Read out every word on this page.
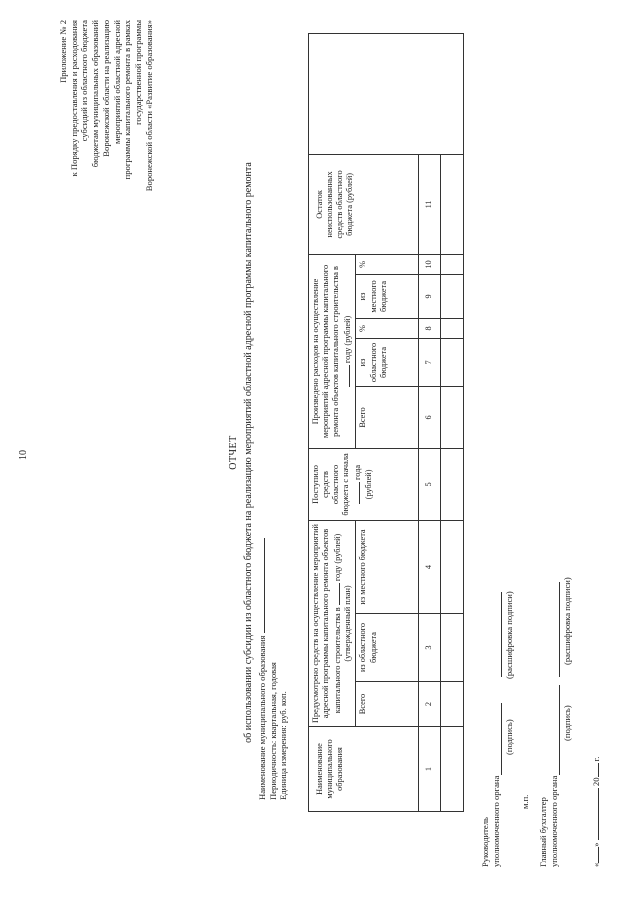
10
Приложение № 2 к Порядку предоставления и расходования субсидий из областного бюджета бюджетам муниципальных образований Воронежской области на реализацию мероприятий областной адресной программы капитального ремонта в рамках государственной программы Воронежской области «Развитие образования»
ОТЧЕТ об использовании субсидии из областного бюджета на реализацию мероприятий областной адресной программы капитального ремонта Наименование муниципального образования Периодичность: квартальная, годовая Единица измерения: руб. коп.	Наименование муниципального образования	Предусмотрено средств на осуществление мероприятий адресной программы капитального ремонта объектов капитального строительства в  году (рублей) (утвержденный план)			Поступило средств областного бюджета с начала года (рублей)	Произведено расходов на осуществление мероприятий адресной программы капитального ремонта объектов капитального строительства в году (рублей)					Остаток неиспользованных средств областного бюджета (рублей)	
	Всего	из областного бюджета	из местного бюджета		Всего	из областного бюджета	%	из местного бюджета	%		
1	2	3	4	5	6	7	8	9	10	11	

Руководитель уполномоченного органа
(подпись)
(расшифровка подписи)
м.п. Главный бухгалтер уполномоченного органа
(подпись)
(расшифровка подписи)
«»  20 г.
